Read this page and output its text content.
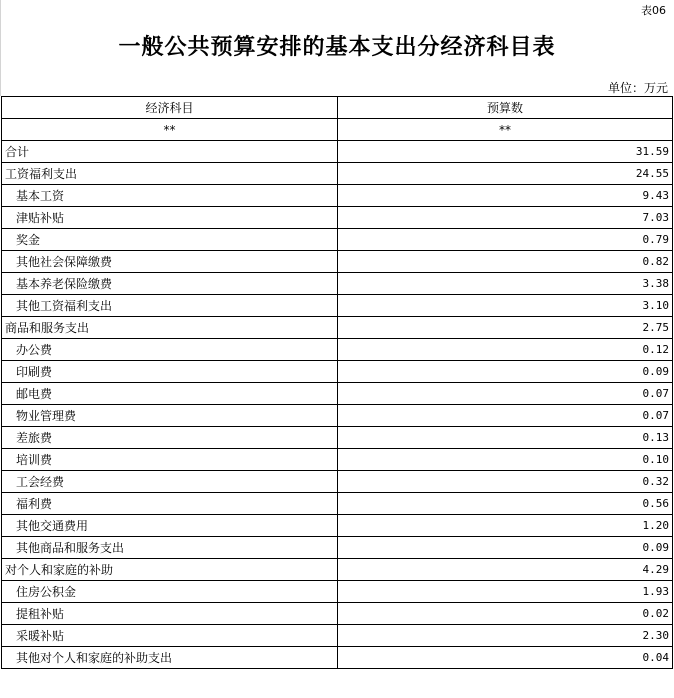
表06
一般公共预算安排的基本支出分经济科目表
单位：万元
经济科目	预算数
**	**
合计	31.59
工资福利支出	24.55
基本工资	9.43
津贴补贴	7.03
奖金	0.79
其他社会保障缴费	0.82
基本养老保险缴费	3.38
其他工资福利支出	3.10
商品和服务支出	2.75
办公费	0.12
印刷费	0.09
邮电费	0.07
物业管理费	0.07
差旅费	0.13
培训费	0.10
工会经费	0.32
福利费	0.56
其他交通费用	1.20
其他商品和服务支出	0.09
对个人和家庭的补助	4.29
住房公积金	1.93
提租补贴	0.02
采暖补贴	2.30
其他对个人和家庭的补助支出	0.04
